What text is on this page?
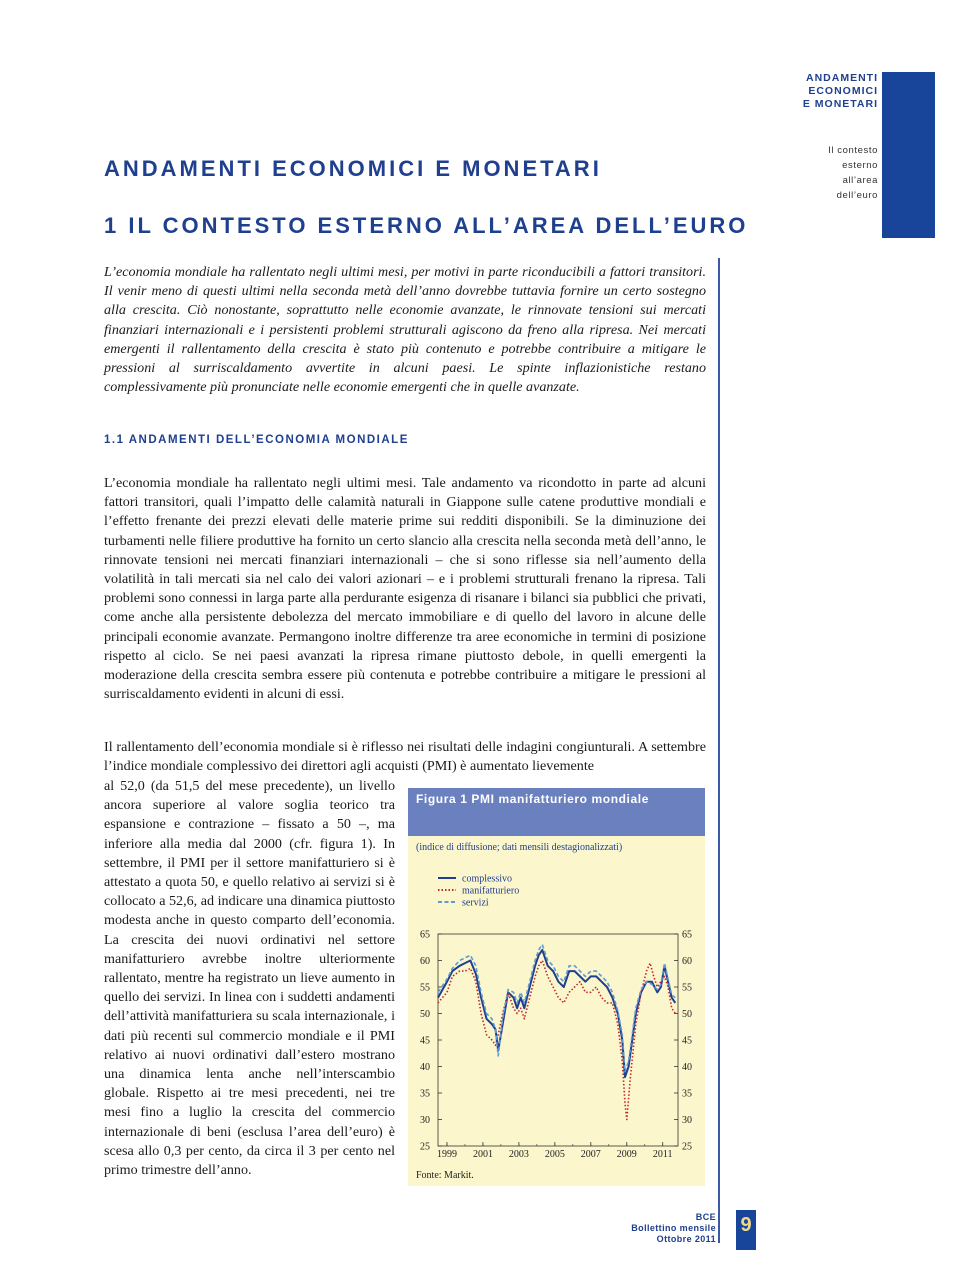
ANDAMENTI
ECONOMICI
E MONETARI
Il contesto
esterno
all’area
dell’euro
ANDAMENTI ECONOMICI E MONETARI
1 IL CONTESTO ESTERNO ALL’AREA DELL’EURO
L’economia mondiale ha rallentato negli ultimi mesi, per motivi in parte riconducibili a fattori transitori. Il venir meno di questi ultimi nella seconda metà dell’anno dovrebbe tuttavia fornire un certo sostegno alla crescita. Ciò nonostante, soprattutto nelle economie avanzate, le rinnovate tensioni sui mercati finanziari internazionali e i persistenti problemi strutturali agiscono da freno alla ripresa. Nei mercati emergenti il rallentamento della crescita è stato più contenuto e potrebbe contribuire a mitigare le pressioni al surriscaldamento avvertite in alcuni paesi. Le spinte inflazionistiche restano complessivamente più pronunciate nelle economie emergenti che in quelle avanzate.
1.1 ANDAMENTI DELL’ECONOMIA MONDIALE
L’economia mondiale ha rallentato negli ultimi mesi. Tale andamento va ricondotto in parte ad alcuni fattori transitori, quali l’impatto delle calamità naturali in Giappone sulle catene produttive mondiali e l’effetto frenante dei prezzi elevati delle materie prime sui redditi disponibili. Se la diminuzione dei turbamenti nelle filiere produttive ha fornito un certo slancio alla crescita nella seconda metà dell’anno, le rinnovate tensioni nei mercati finanziari internazionali – che si sono riflesse sia nell’aumento della volatilità in tali mercati sia nel calo dei valori azionari – e i problemi strutturali frenano la ripresa. Tali problemi sono connessi in larga parte alla perdurante esigenza di risanare i bilanci sia pubblici che privati, come anche alla persistente debolezza del mercato immobiliare e di quello del lavoro in alcune delle principali economie avanzate. Permangono inoltre differenze tra aree economiche in termini di posizione rispetto al ciclo. Se nei paesi avanzati la ripresa rimane piuttosto debole, in quelli emergenti la moderazione della crescita sembra essere più contenuta e potrebbe contribuire a mitigare le pressioni al surriscaldamento evidenti in alcuni di essi.
Il rallentamento dell’economia mondiale si è riflesso nei risultati delle indagini congiunturali. A settembre l’indice mondiale complessivo dei direttori agli acquisti (PMI) è aumentato lievemente
al 52,0 (da 51,5 del mese precedente), un livello ancora superiore al valore soglia teorico tra espansione e contrazione – fissato a 50 –, ma inferiore alla media dal 2000 (cfr. figura 1). In settembre, il PMI per il settore manifatturiero si è attestato a quota 50, e quello relativo ai servizi si è collocato a 52,6, ad indicare una dinamica piuttosto modesta anche in questo comparto dell’economia. La crescita dei nuovi ordinativi nel settore manifatturiero avrebbe inoltre ulteriormente rallentato, mentre ha registrato un lieve aumento in quello dei servizi. In linea con i suddetti andamenti dell’attività manifatturiera su scala internazionale, i dati più recenti sul commercio mondiale e il PMI relativo ai nuovi ordinativi dall’estero mostrano una dinamica lenta anche nell’interscambio globale. Rispetto ai tre mesi precedenti, nei tre mesi fino a luglio la crescita del commercio internazionale di beni (esclusa l’area dell’euro) è scesa allo 0,3 per cento, da circa il 3 per cento nel primo trimestre dell’anno.
Figura 1 PMI manifatturiero mondiale
(indice di diffusione; dati mensili destagionalizzati)
25	25
30	30
35	35
40	40
45	45
50	50
55	55
60	60
65	65
1999 2001 2003 2005 2007 2009 2011
complessivo
manifatturiero
servizi
Fonte: Markit.
BCE
Bollettino mensile
Ottobre 2011
9
